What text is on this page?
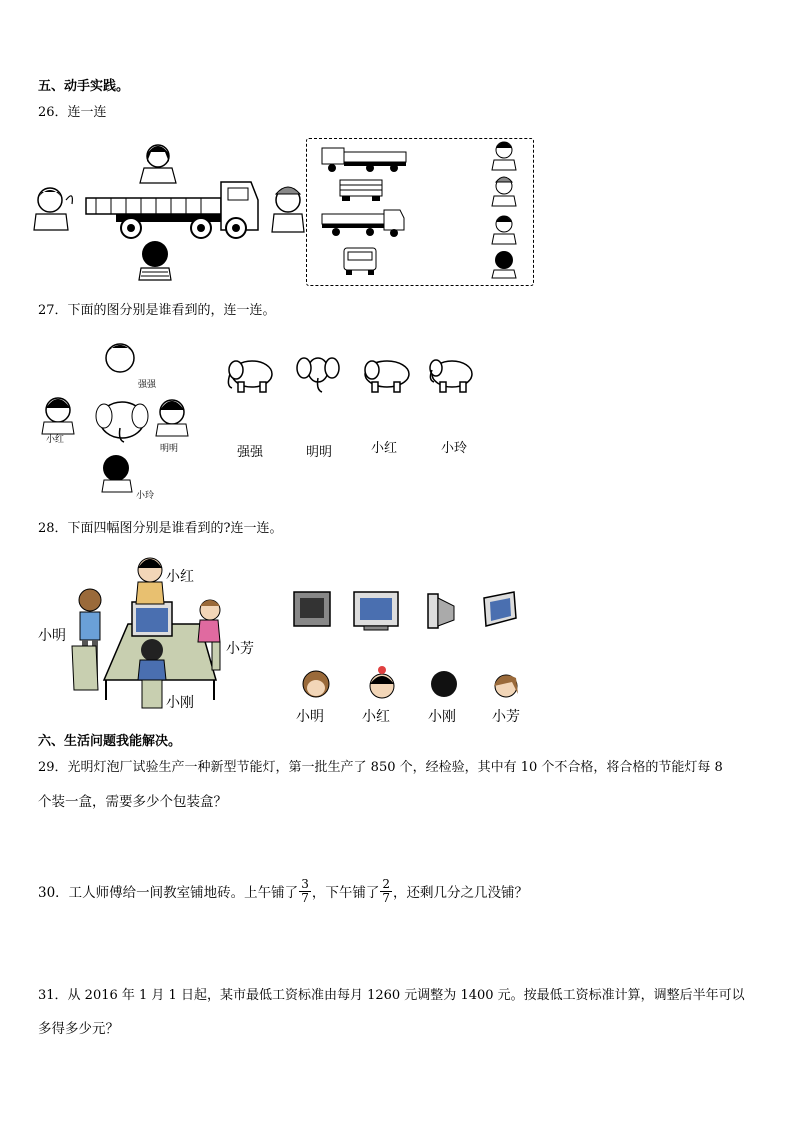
五、动手实践。
26．连一连
27．下面的图分别是谁看到的，连一连。
强强
小红
明明
小玲
强强	明明	小红	小玲
28．下面四幅图分别是谁看到的?连一连。
小红
小明
小芳
小刚
小明	小红	小刚	小芳
六、生活问题我能解决。
29．光明灯泡厂试验生产一种新型节能灯，第一批生产了 850 个，经检验，其中有 10 个不合格，将合格的节能灯每 8
个装一盒，需要多少个包装盒？
30．工人师傅给一间教室铺地砖。上午铺了 $\frac{3}{7}$ ，下午铺了 $\frac{2}{7}$ ，还剩几分之几没铺？
31．从 2016 年 1 月 1 日起，某市最低工资标准由每月 1260 元调整为 1400 元。按最低工资标准计算，调整后半年可以
多得多少元？
